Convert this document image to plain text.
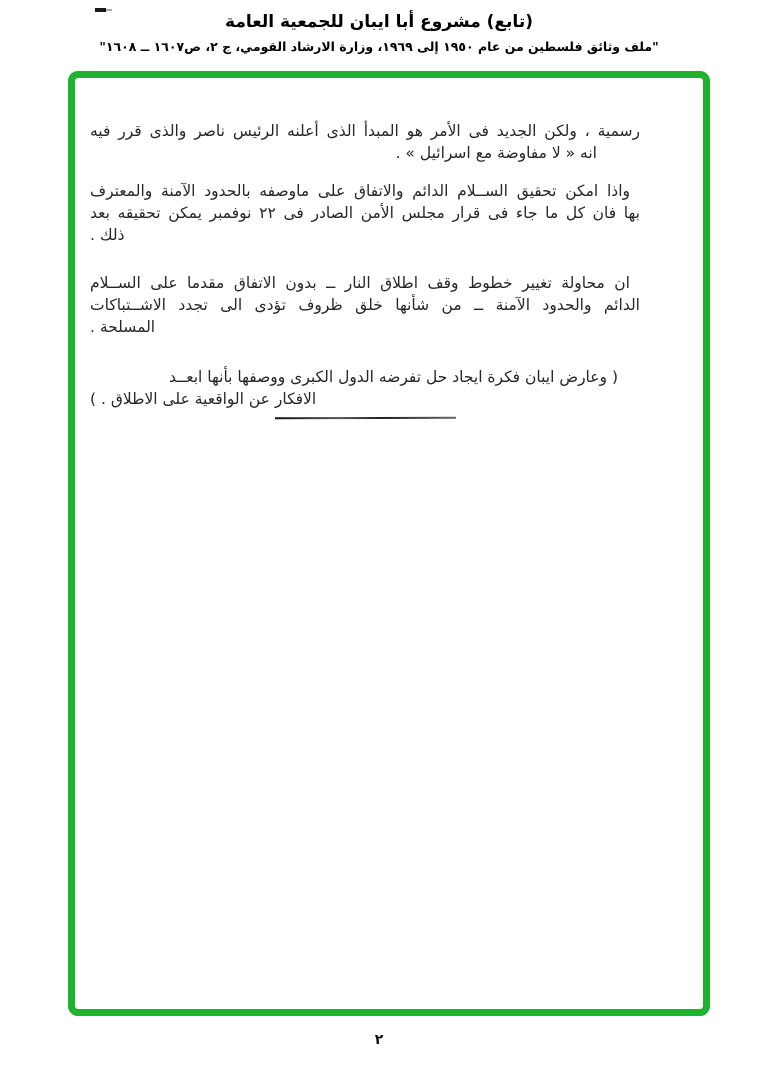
(تابع) مشروع أبا ايبان للجمعية العامة
"ملف وثائق فلسطين من عام ١٩٥٠ إلى ١٩٦٩، وزارة الارشاد القومي، ج ٢، ص١٦٠٧ ــ ١٦٠٨"
رسمية ، ولكن الجديد فى الأمر هو المبدأ الذى أعلنه الرئيس ناصر والذى قرر فيه
انه « لا مفاوضة مع اسرائيل » .
واذا امكن تحقيق الســلام الدائم والاتفاق على ماوصفه بالحدود الآمنة والمعترف
بها فان كل ما جاء فى قرار مجلس الأمن الصادر فى ٢٢ نوفمبر يمكن تحقيقه بعد
ذلك .
ان محاولة تغيير خطوط وقف اطلاق النار ــ بدون الاتفاق مقدما على الســلام
الدائم والحدود الآمنة ــ من شأنها خلق ظروف تؤدى الى تجدد الاشــتباكات
المسلحة .
( وعارض ايبان فكرة ايجاد حل تفرضه الدول الكبرى ووصفها بأنها ابعــد
الافكار عن الواقعية على الاطلاق . )
٢
